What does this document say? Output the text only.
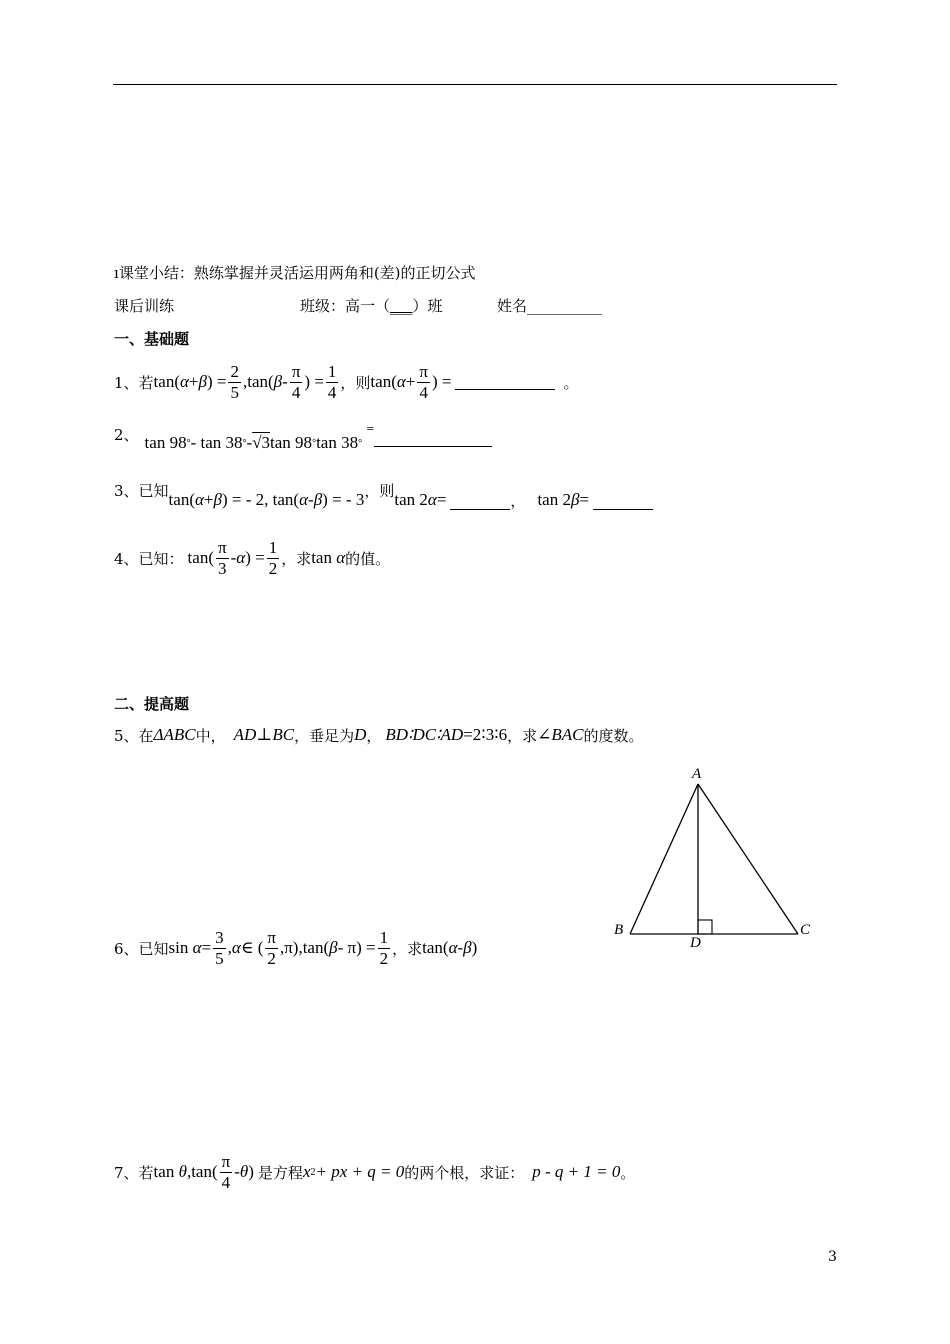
ı课堂小结：熟练掌握并灵活运用两角和(差)的正切公式
课后训练	班级：高一（___）班	姓名__________
一、基础题
1、若 tan( α + β ) = $\frac{2}{5} ,\tan$( β - $\frac{\pi}{4}$ ) = $\frac{1}{4}$ ，则 tan( $\alpha + \frac{\pi}{4}$ ) =	。
2、 tan 98 ° - tan 38 ° - √3 tan 98 ° tan 38 °
=
3、已知 tan( α + β ) = - 2, tan( α - β ) = - 3 ， 则 tan 2 α =	， tan 2 β =
4、已知： $\tan( \frac{\pi}{3}$ - α ) = $\frac{1}{2}$ ，求 tan
α 的值。
二、提高题
5、在 ΔABC 中， AD ⊥ BC ，垂足为 D ， BD∶DC∶AD = 2∶3∶6 ，求 ∠BAC 的度数。
A
B	C
D
6、已知 sin
$\alpha = \frac{3}{5}$ , α ∈ ( $\frac{\pi}{2} ,\pi),\tan$( $\beta - \pi) = \frac{1}{2}$ ，求 tan( α - β )
7、若 tan
θ $,\tan( \frac{\pi}{4}$ - θ ) 是方程 x 2 + px + q = 0 的两个根，求证： p - q + 1 = 0 。
3
